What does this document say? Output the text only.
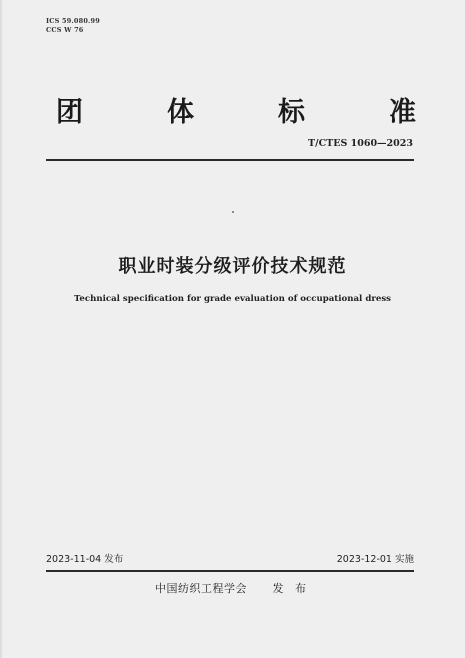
ICS 59.080.99
CCS W 76
团	体	标	准
T/CTES 1060—2023
职业时装分级评价技术规范
Technical specification for grade evaluation of occupational dress
2023-11-04 发布	2023-12-01 实施
中国纺织工程学会 发 布
